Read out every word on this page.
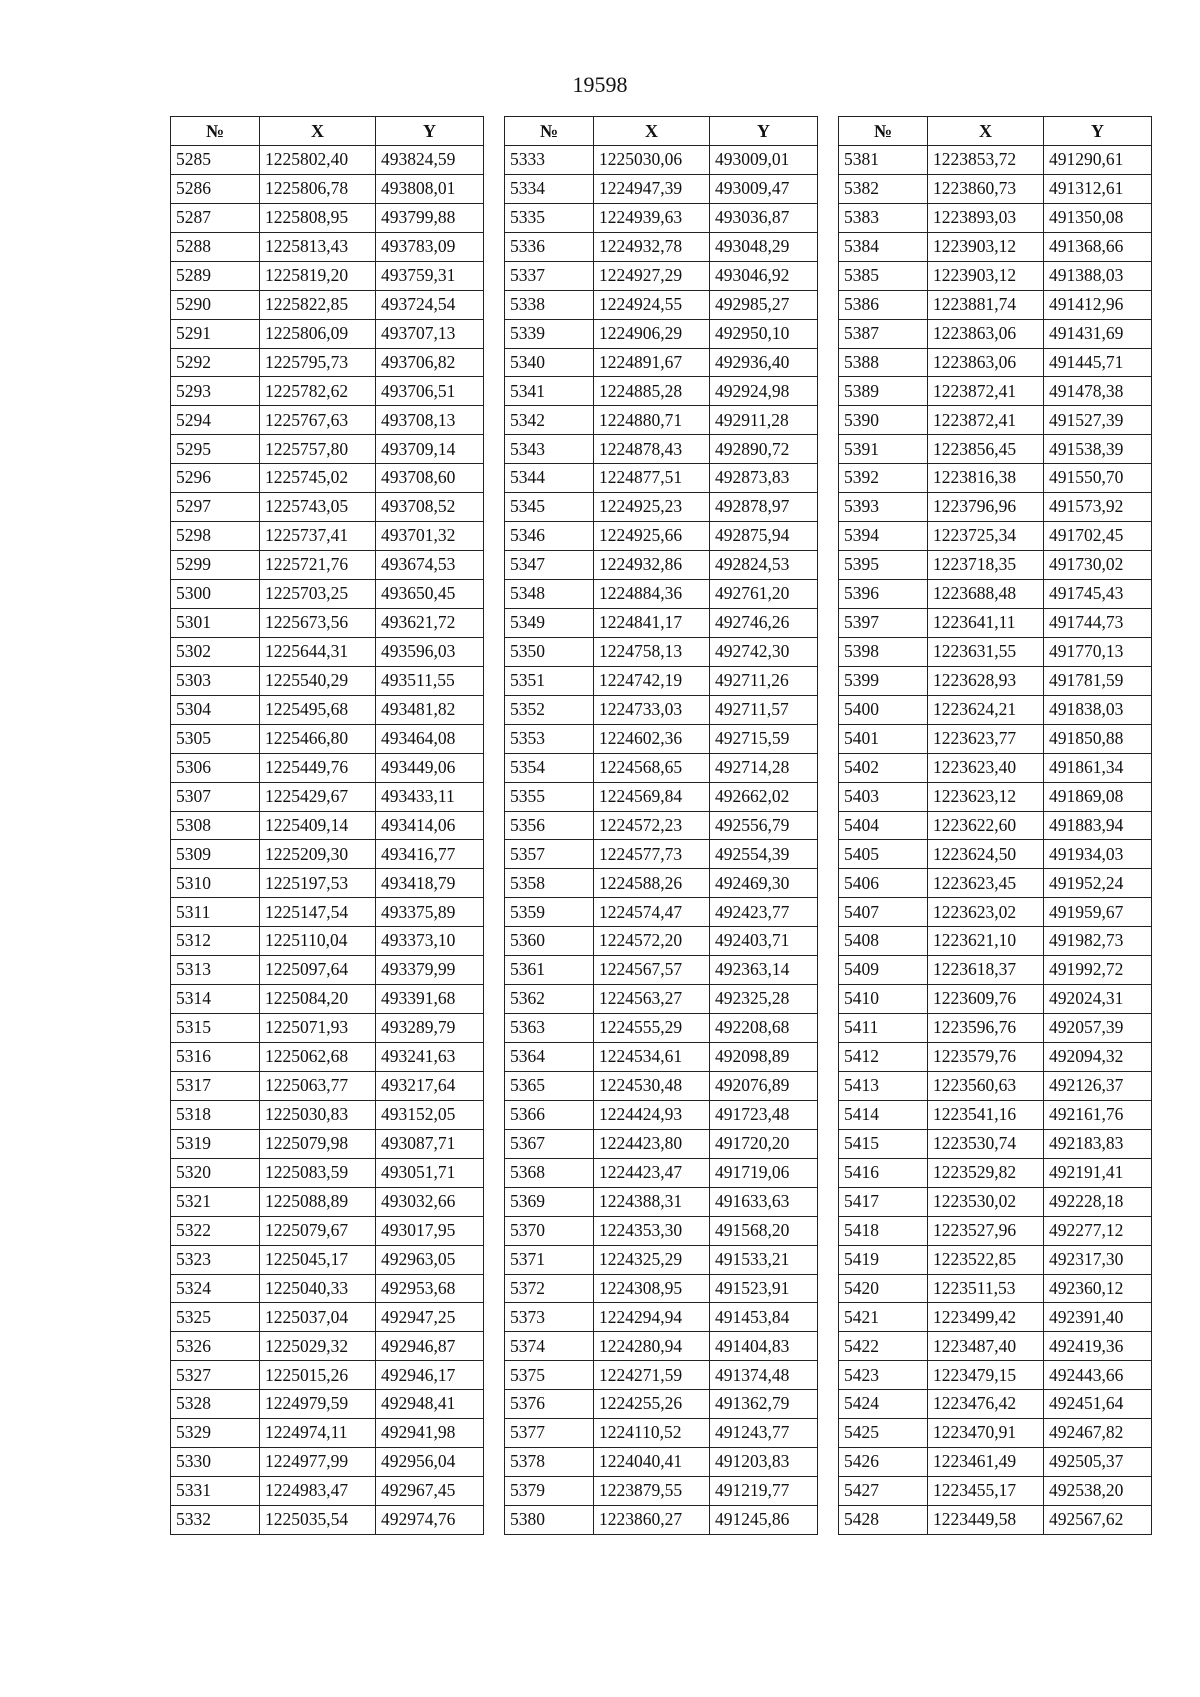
19598
№	X	Y
5285	1225802,40	493824,59
5286	1225806,78	493808,01
5287	1225808,95	493799,88
5288	1225813,43	493783,09
5289	1225819,20	493759,31
5290	1225822,85	493724,54
5291	1225806,09	493707,13
5292	1225795,73	493706,82
5293	1225782,62	493706,51
5294	1225767,63	493708,13
5295	1225757,80	493709,14
5296	1225745,02	493708,60
5297	1225743,05	493708,52
5298	1225737,41	493701,32
5299	1225721,76	493674,53
5300	1225703,25	493650,45
5301	1225673,56	493621,72
5302	1225644,31	493596,03
5303	1225540,29	493511,55
5304	1225495,68	493481,82
5305	1225466,80	493464,08
5306	1225449,76	493449,06
5307	1225429,67	493433,11
5308	1225409,14	493414,06
5309	1225209,30	493416,77
5310	1225197,53	493418,79
5311	1225147,54	493375,89
5312	1225110,04	493373,10
5313	1225097,64	493379,99
5314	1225084,20	493391,68
5315	1225071,93	493289,79
5316	1225062,68	493241,63
5317	1225063,77	493217,64
5318	1225030,83	493152,05
5319	1225079,98	493087,71
5320	1225083,59	493051,71
5321	1225088,89	493032,66
5322	1225079,67	493017,95
5323	1225045,17	492963,05
5324	1225040,33	492953,68
5325	1225037,04	492947,25
5326	1225029,32	492946,87
5327	1225015,26	492946,17
5328	1224979,59	492948,41
5329	1224974,11	492941,98
5330	1224977,99	492956,04
5331	1224983,47	492967,45
5332	1225035,54	492974,76
№	X	Y
5333	1225030,06	493009,01
5334	1224947,39	493009,47
5335	1224939,63	493036,87
5336	1224932,78	493048,29
5337	1224927,29	493046,92
5338	1224924,55	492985,27
5339	1224906,29	492950,10
5340	1224891,67	492936,40
5341	1224885,28	492924,98
5342	1224880,71	492911,28
5343	1224878,43	492890,72
5344	1224877,51	492873,83
5345	1224925,23	492878,97
5346	1224925,66	492875,94
5347	1224932,86	492824,53
5348	1224884,36	492761,20
5349	1224841,17	492746,26
5350	1224758,13	492742,30
5351	1224742,19	492711,26
5352	1224733,03	492711,57
5353	1224602,36	492715,59
5354	1224568,65	492714,28
5355	1224569,84	492662,02
5356	1224572,23	492556,79
5357	1224577,73	492554,39
5358	1224588,26	492469,30
5359	1224574,47	492423,77
5360	1224572,20	492403,71
5361	1224567,57	492363,14
5362	1224563,27	492325,28
5363	1224555,29	492208,68
5364	1224534,61	492098,89
5365	1224530,48	492076,89
5366	1224424,93	491723,48
5367	1224423,80	491720,20
5368	1224423,47	491719,06
5369	1224388,31	491633,63
5370	1224353,30	491568,20
5371	1224325,29	491533,21
5372	1224308,95	491523,91
5373	1224294,94	491453,84
5374	1224280,94	491404,83
5375	1224271,59	491374,48
5376	1224255,26	491362,79
5377	1224110,52	491243,77
5378	1224040,41	491203,83
5379	1223879,55	491219,77
5380	1223860,27	491245,86
№	X	Y
5381	1223853,72	491290,61
5382	1223860,73	491312,61
5383	1223893,03	491350,08
5384	1223903,12	491368,66
5385	1223903,12	491388,03
5386	1223881,74	491412,96
5387	1223863,06	491431,69
5388	1223863,06	491445,71
5389	1223872,41	491478,38
5390	1223872,41	491527,39
5391	1223856,45	491538,39
5392	1223816,38	491550,70
5393	1223796,96	491573,92
5394	1223725,34	491702,45
5395	1223718,35	491730,02
5396	1223688,48	491745,43
5397	1223641,11	491744,73
5398	1223631,55	491770,13
5399	1223628,93	491781,59
5400	1223624,21	491838,03
5401	1223623,77	491850,88
5402	1223623,40	491861,34
5403	1223623,12	491869,08
5404	1223622,60	491883,94
5405	1223624,50	491934,03
5406	1223623,45	491952,24
5407	1223623,02	491959,67
5408	1223621,10	491982,73
5409	1223618,37	491992,72
5410	1223609,76	492024,31
5411	1223596,76	492057,39
5412	1223579,76	492094,32
5413	1223560,63	492126,37
5414	1223541,16	492161,76
5415	1223530,74	492183,83
5416	1223529,82	492191,41
5417	1223530,02	492228,18
5418	1223527,96	492277,12
5419	1223522,85	492317,30
5420	1223511,53	492360,12
5421	1223499,42	492391,40
5422	1223487,40	492419,36
5423	1223479,15	492443,66
5424	1223476,42	492451,64
5425	1223470,91	492467,82
5426	1223461,49	492505,37
5427	1223455,17	492538,20
5428	1223449,58	492567,62
